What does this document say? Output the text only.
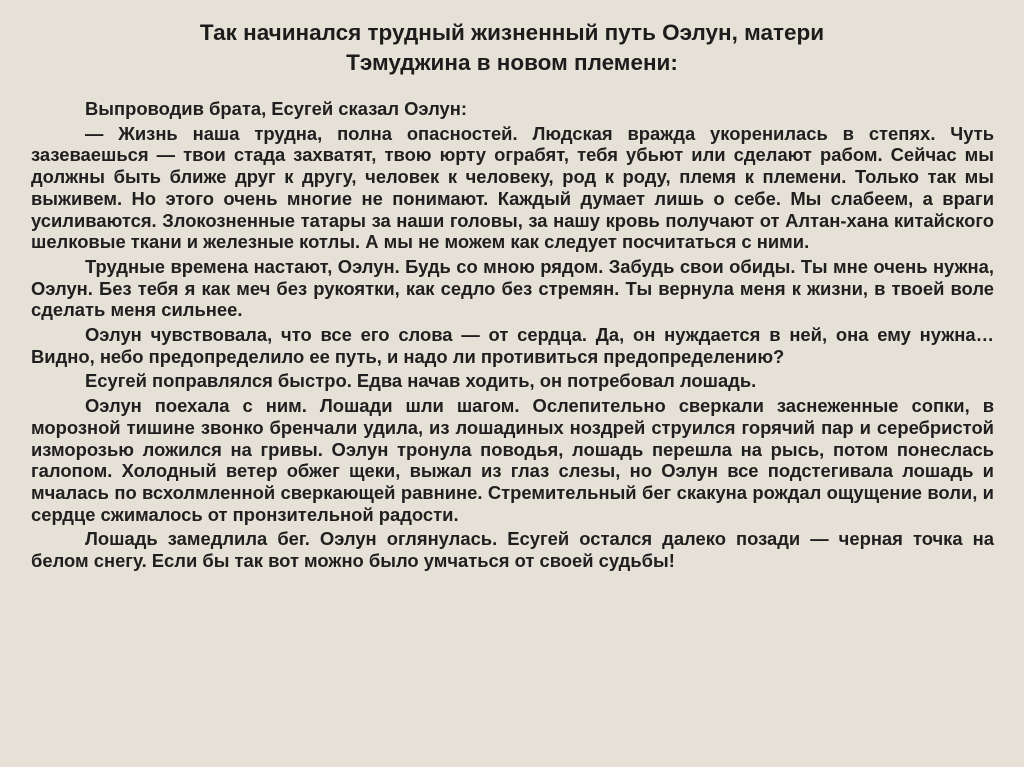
Так начинался трудный жизненный путь Оэлун, матери
Тэмуджина в новом племени:

Выпроводив брата, Есугей сказал Оэлун:

— Жизнь наша трудна, полна опасностей. Людская вражда укоренилась в степях. Чуть зазеваешься — твои стада захватят, твою юрту ограбят, тебя убьют или сделают рабом. Сейчас мы должны быть ближе друг к другу, человек к человеку, род к роду, племя к племени. Только так мы выживем. Но этого очень многие не понимают. Каждый думает лишь о себе. Мы слабеем, а враги усиливаются. Злокозненные татары за наши головы, за нашу кровь получают от Алтан-хана китайского шелковые ткани и железные котлы. А мы не можем как следует посчитаться с ними.

Трудные времена настают, Оэлун. Будь со мною рядом. Забудь свои обиды. Ты мне очень нужна, Оэлун. Без тебя я как меч без рукоятки, как седло без стремян. Ты вернула меня к жизни, в твоей воле сделать меня сильнее.

Оэлун чувствовала, что все его слова — от сердца. Да, он нуждается в ней, она ему нужна… Видно, небо предопределило ее путь, и надо ли противиться предопределению?

Есугей поправлялся быстро. Едва начав ходить, он потребовал лошадь.

Оэлун поехала с ним. Лошади шли шагом. Ослепительно сверкали заснеженные сопки, в морозной тишине звонко бренчали удила, из лошадиных ноздрей струился горячий пар и серебристой изморозью ложился на гривы. Оэлун тронула поводья, лошадь перешла на рысь, потом понеслась галопом. Холодный ветер обжег щеки, выжал из глаз слезы, но Оэлун все подстегивала лошадь и мчалась по всхолмленной сверкающей равнине. Стремительный бег скакуна рождал ощущение воли, и сердце сжималось от пронзительной радости.

Лошадь замедлила бег. Оэлун оглянулась. Есугей остался далеко позади — черная точка на белом снегу. Если бы так вот можно было умчаться от своей судьбы!
